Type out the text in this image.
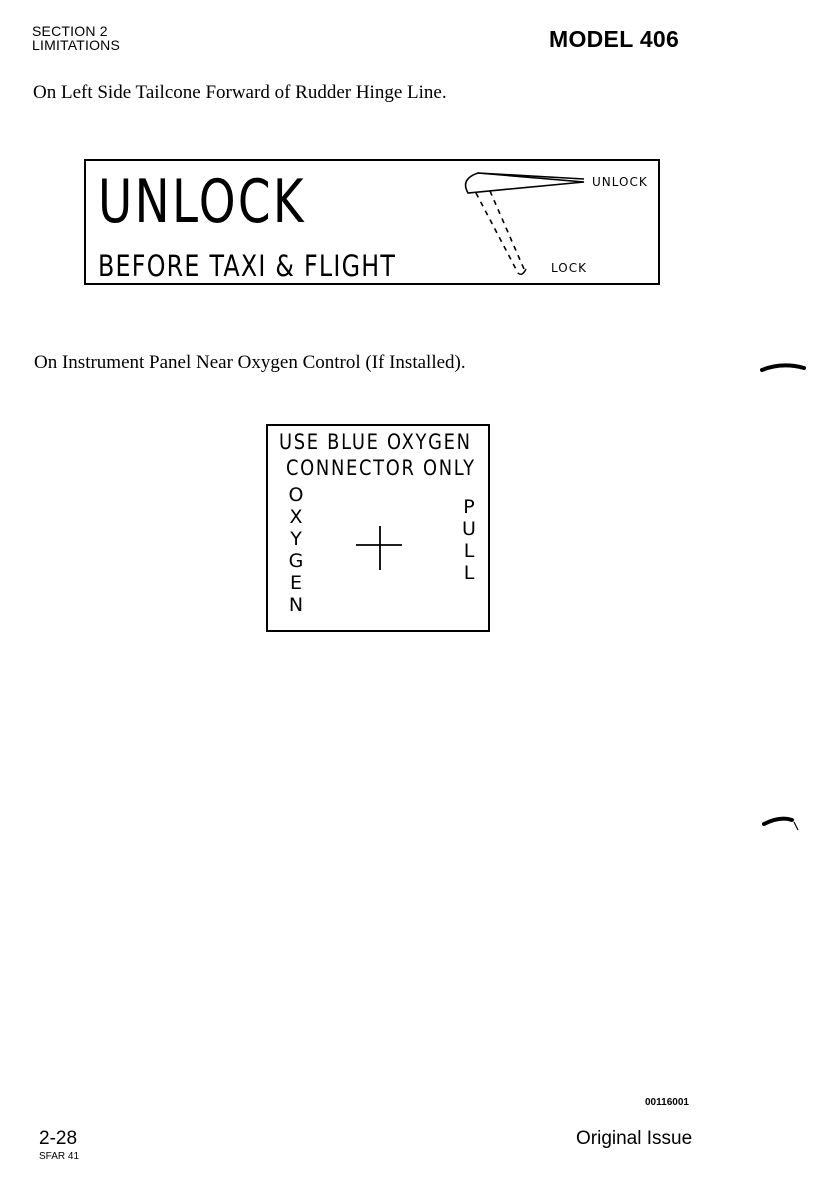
SECTION 2
LIMITATIONS	MODEL 406
On Left Side Tailcone Forward of Rudder Hinge Line.
UNLOCK
BEFORE TAXI & FLIGHT
UNLOCK
LOCK
On Instrument Panel Near Oxygen Control (If Installed).
USE BLUE OXYGEN
CONNECTOR ONLY
O
X
Y
G
E
N
P
U
L
L
00116001
2-28
SFAR 41
Original Issue
